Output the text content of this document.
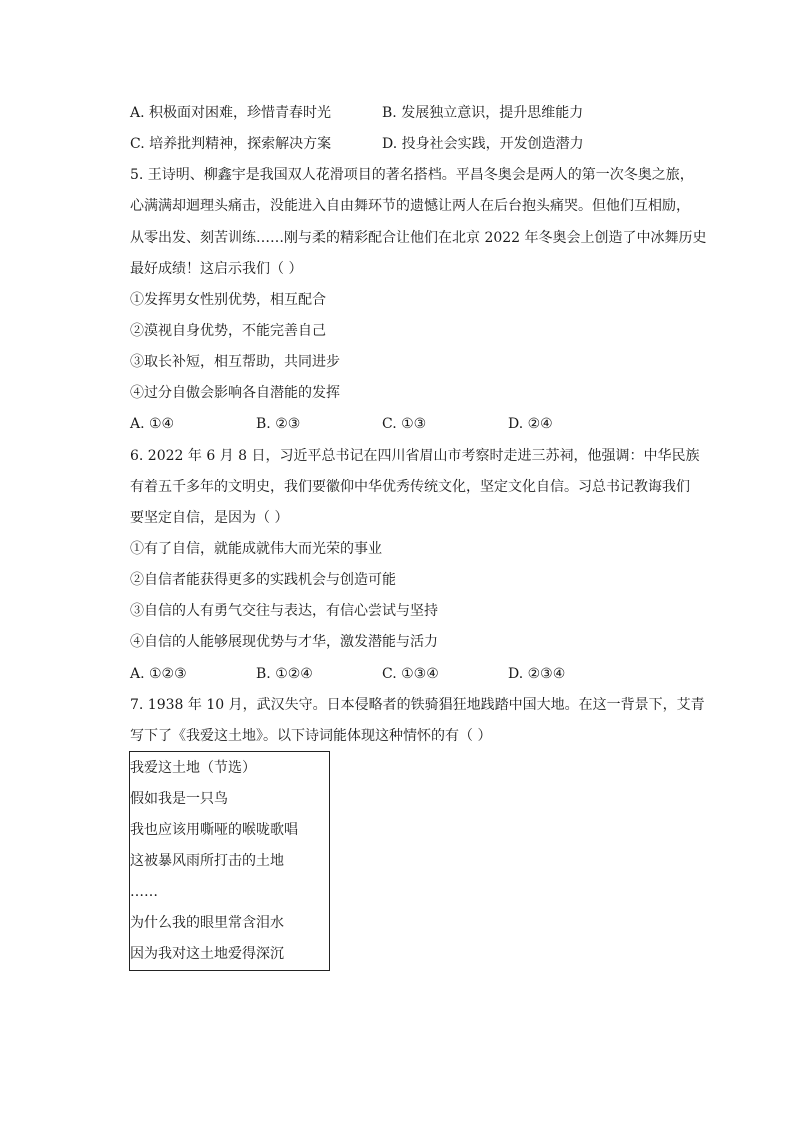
A. 积极面对困难，珍惜青春时光	B. 发展独立意识，提升思维能力
C. 培养批判精神，探索解决方案	D. 投身社会实践，开发创造潜力
5. 王诗明、柳鑫宇是我国双人花滑项目的著名搭档。平昌冬奥会是两人的第一次冬奥之旅，
心满满却迴理头痛击，没能进入自由舞环节的遗憾让两人在后台抱头痛哭。但他们互相励，
从零出发、刻苦训练……刚与柔的精彩配合让他们在北京 2022 年冬奥会上创造了中冰舞历史
最好成绩！这启示我们（ ）
①发挥男女性别优势，相互配合
②漠视自身优势，不能完善自己
③取长补短，相互帮助，共同进步
④过分自傲会影响各自潜能的发挥
A. ①④	B. ②③	C. ①③	D. ②④
6. 2022 年 6 月 8 日，习近平总书记在四川省眉山市考察时走进三苏祠，他强调：中华民族
有着五千多年的文明史，我们要徽仰中华优秀传统文化，坚定文化自信。习总书记教诲我们
要坚定自信，是因为（ ）
①有了自信，就能成就伟大而光荣的事业
②自信者能获得更多的实践机会与创造可能
③自信的人有勇气交往与表达，有信心尝试与坚持
④自信的人能够展现优势与才华，激发潜能与活力
A. ①②③	B. ①②④	C. ①③④	D. ②③④
7. 1938 年 10 月，武汉失守。日本侵略者的铁骑猖狂地践踏中国大地。在这一背景下，艾青
写下了《我爱这土地》。以下诗词能体现这种情怀的有（ ）
我爱这土地（节选）
假如我是一只鸟
我也应该用嘶哑的喉咙歌唱
这被暴风雨所打击的土地
……
为什么我的眼里常含泪水
因为我对这土地爱得深沉
